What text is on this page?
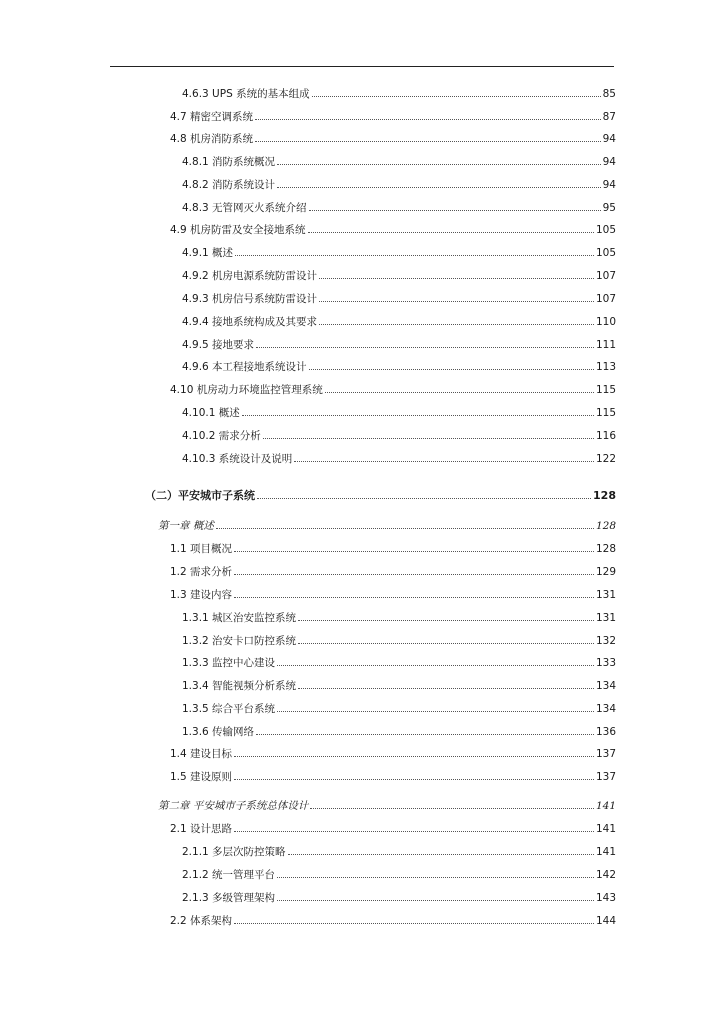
4.6.3 UPS 系统的基本组成	85
4.7 精密空调系统	87
4.8 机房消防系统	94
4.8.1 消防系统概况	94
4.8.2 消防系统设计	94
4.8.3 无管网灭火系统介绍	95
4.9 机房防雷及安全接地系统	105
4.9.1 概述	105
4.9.2 机房电源系统防雷设计	107
4.9.3 机房信号系统防雷设计	107
4.9.4 接地系统构成及其要求	110
4.9.5 接地要求	111
4.9.6 本工程接地系统设计	113
4.10 机房动力环境监控管理系统	115
4.10.1 概述	115
4.10.2 需求分析	116
4.10.3 系统设计及说明	122
（二）平安城市子系统	128
第一章 概述	128
1.1 项目概况	128
1.2 需求分析	129
1.3 建设内容	131
1.3.1 城区治安监控系统	131
1.3.2 治安卡口防控系统	132
1.3.3 监控中心建设	133
1.3.4 智能视频分析系统	134
1.3.5 综合平台系统	134
1.3.6 传输网络	136
1.4 建设目标	137
1.5 建设原则	137
第二章 平安城市子系统总体设计	141
2.1 设计思路	141
2.1.1 多层次防控策略	141
2.1.2 统一管理平台	142
2.1.3 多级管理架构	143
2.2 体系架构	144
